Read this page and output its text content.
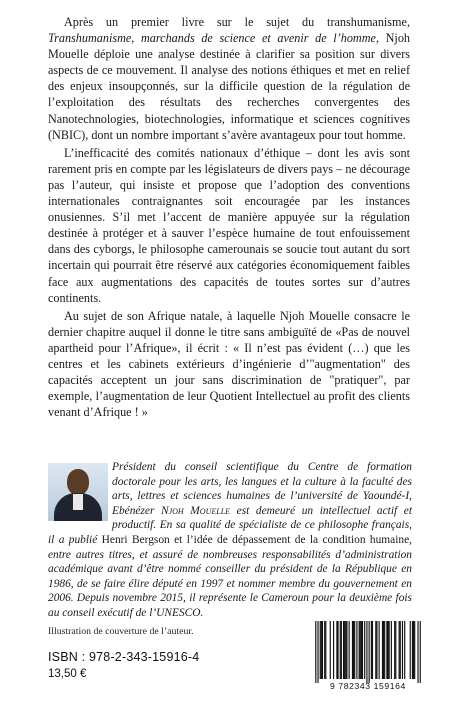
Après un premier livre sur le sujet du transhumanisme, Transhumanisme, marchands de science et avenir de l’homme, Njoh Mouelle déploie une analyse destinée à clarifier sa position sur divers aspects de ce mouvement. Il analyse des notions éthiques et met en relief des enjeux insoupçonnés, sur la difficile question de la régulation de l’exploitation des résultats des recherches convergentes des Nanotechnologies, biotechnologies, informatique et sciences cognitives (NBIC), dont un nombre important s’avère avantageux pour tout homme.

L’inefficacité des comités nationaux d’éthique – dont les avis sont rarement pris en compte par les législateurs de divers pays – ne décourage pas l’auteur, qui insiste et propose que l’adoption des conventions internationales contraignantes soit encouragée par les instances onusiennes. S’il met l’accent de manière appuyée sur la régulation destinée à protéger et à sauver l’espèce humaine de tout enfouissement dans des cyborgs, le philosophe camerounais se soucie tout autant du sort incertain qui pourrait être réservé aux catégories économiquement faibles face aux augmentations des capacités de toutes sortes sur d’autres continents.

Au sujet de son Afrique natale, à laquelle Njoh Mouelle consacre le dernier chapitre auquel il donne le titre sans ambiguïté de «Pas de nouvel apartheid pour l’Afrique», il écrit : « Il n’est pas évident (…) que les centres et les cabinets extérieurs d’ingénierie d’"augmentation" des capacités acceptent un jour sans discrimination de "pratiquer", par exemple, l’augmentation de leur Quotient Intellectuel au profit des clients venant d’Afrique ! »

Président du conseil scientifique du Centre de formation doctorale pour les arts, les langues et la culture à la faculté des arts, lettres et sciences humaines de l’université de Yaoundé-I, Ebénézer Njoh Mouelle est demeuré un intellectuel actif et productif. En sa qualité de spécialiste de ce philosophe français, il a publié Henri Bergson et l’idée de dépassement de la condition humaine, entre autres titres, et assuré de nombreuses responsabilités d’administration académique avant d’être nommé conseiller du président de la République en 1986, de se faire élire député en 1997 et nommer membre du gouvernement en 2006. Depuis novembre 2015, il représente le Cameroun pour la deuxième fois au conseil exécutif de l’UNESCO.
Illustration de couverture de l’auteur.
ISBN : 978-2-343-15916-4
13,50 €
9 782343 159164
